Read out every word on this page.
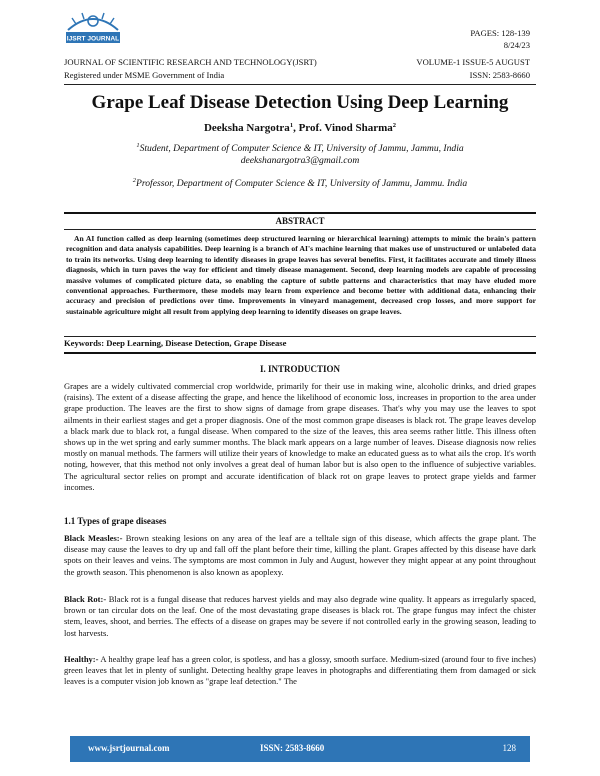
IJSRT JOURNAL
PAGES: 128-139
8/24/23
JOURNAL OF SCIENTIFIC RESEARCH AND TECHNOLOGY(JSRT)	VOLUME-1 ISSUE-5 AUGUST
Registered under MSME Government of India	ISSN: 2583-8660
Grape Leaf Disease Detection Using Deep Learning
Deeksha Nargotra$^1$, Prof. Vinod Sharma$^2$
$^1$Student, Department of Computer Science & IT, University of Jammu, Jammu, India
deekshanargotra3@gmail.com
$^2$Professor, Department of Computer Science & IT, University of Jammu, Jammu. India
ABSTRACT
An AI function called as deep learning (sometimes deep structured learning or hierarchical learning) attempts to mimic the brain's pattern recognition and data analysis capabilities. Deep learning is a branch of AI's machine learning that makes use of unstructured or unlabeled data to train its networks. Using deep learning to identify diseases in grape leaves has several benefits. First, it facilitates accurate and timely illness diagnosis, which in turn paves the way for efficient and timely disease management. Second, deep learning models are capable of processing massive volumes of complicated picture data, so enabling the capture of subtle patterns and characteristics that may have eluded more conventional approaches. Furthermore, these models may learn from experience and become better with additional data, enhancing their accuracy and precision of predictions over time. Improvements in vineyard management, decreased crop losses, and more support for sustainable agriculture might all result from applying deep learning to identify diseases on grape leaves.
Keywords: Deep Learning, Disease Detection, Grape Disease
I. INTRODUCTION
Grapes are a widely cultivated commercial crop worldwide, primarily for their use in making wine, alcoholic drinks, and dried grapes (raisins). The extent of a disease affecting the grape, and hence the likelihood of economic loss, increases in proportion to the area under grape production. The leaves are the first to show signs of damage from grape diseases. That's why you may use the leaves to spot ailments in their earliest stages and get a proper diagnosis. One of the most common grape diseases is black rot. The grape leaves develop a black mark due to black rot, a fungal disease. When compared to the size of the leaves, this area seems rather little. This illness often shows up in the wet spring and early summer months. The black mark appears on a large number of leaves. Disease diagnosis now relies mostly on manual methods. The farmers will utilize their years of knowledge to make an educated guess as to what ails the crop. It's worth noting, however, that this method not only involves a great deal of human labor but is also open to the influence of subjective variables. The agricultural sector relies on prompt and accurate identification of black rot on grape leaves to protect grape yields and farmer incomes.
1.1 Types of grape diseases
Black Measles:- Brown steaking lesions on any area of the leaf are a telltale sign of this disease, which affects the grape plant. The disease may cause the leaves to dry up and fall off the plant before their time, killing the plant. Grapes affected by this disease have dark spots on their leaves and veins. The symptoms are most common in July and August, however they might appear at any point throughout the growth season. This phenomenon is also known as apoplexy.
Black Rot:- Black rot is a fungal disease that reduces harvest yields and may also degrade wine quality. It appears as irregularly spaced, brown or tan circular dots on the leaf. One of the most devastating grape diseases is black rot. The grape fungus may infect the chister stem, leaves, shoot, and berries. The effects of a disease on grapes may be severe if not controlled early in the growing season, leading to lost harvests.
Healthy:- A healthy grape leaf has a green color, is spotless, and has a glossy, smooth surface. Medium-sized (around four to five inches) green leaves that let in plenty of sunlight. Detecting healthy grape leaves in photographs and differentiating them from damaged or sick leaves is a computer vision job known as "grape leaf detection." The
www.jsrtjournal.com	ISSN: 2583-8660	128
